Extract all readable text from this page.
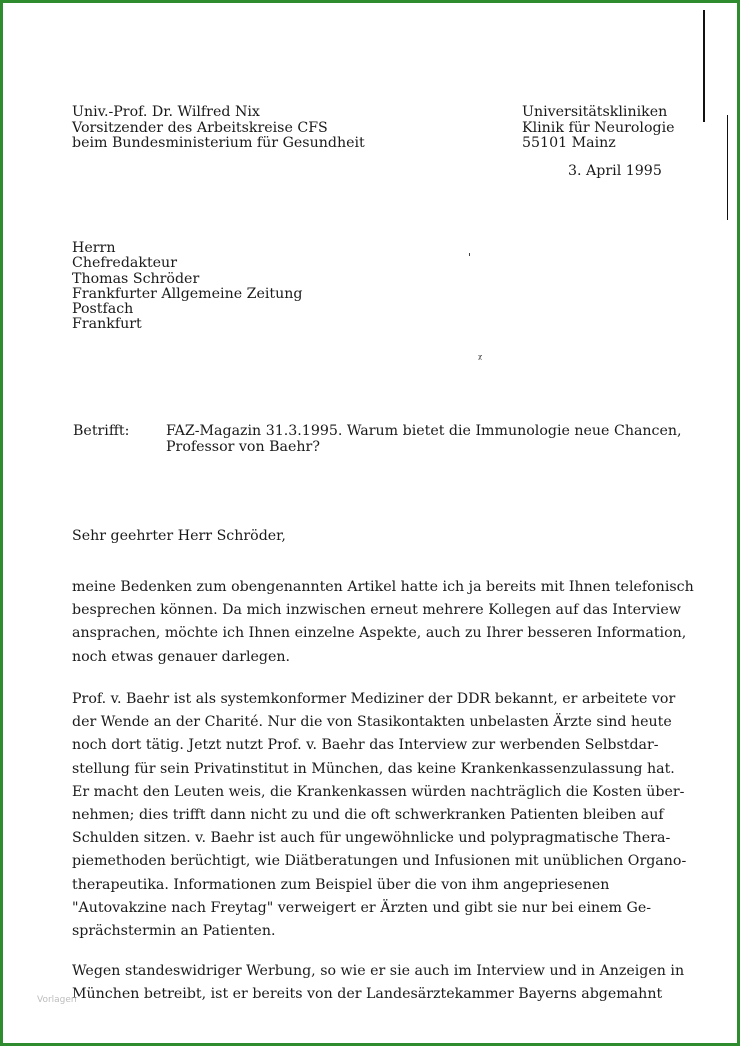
'
ᵡ
Univ.-Prof. Dr. Wilfred Nix
Vorsitzender des Arbeitskreise CFS
beim Bundesministerium für Gesundheit
Universitätskliniken
Klinik für Neurologie
55101 Mainz
3. April 1995
Herrn
Chefredakteur
Thomas Schröder
Frankfurter Allgemeine Zeitung
Postfach
Frankfurt
Betrifft:	FAZ-Magazin 31.3.1995. Warum bietet die Immunologie neue Chancen,
Professor von Baehr?
Sehr geehrter Herr Schröder,
meine Bedenken zum obengenannten Artikel hatte ich ja bereits mit Ihnen telefonisch
besprechen können. Da mich inzwischen erneut mehrere Kollegen auf das Interview
ansprachen, möchte ich Ihnen einzelne Aspekte, auch zu Ihrer besseren Information,
noch etwas genauer darlegen.
Prof. v. Baehr ist als systemkonformer Mediziner der DDR bekannt, er arbeitete vor
der Wende an der Charité. Nur die von Stasikontakten unbelasten Ärzte sind heute
noch dort tätig. Jetzt nutzt Prof. v. Baehr das Interview zur werbenden Selbstdar-
stellung für sein Privatinstitut in München, das keine Krankenkassenzulassung hat.
Er macht den Leuten weis, die Krankenkassen würden nachträglich die Kosten über-
nehmen; dies trifft dann nicht zu und die oft schwerkranken Patienten bleiben auf
Schulden sitzen. v. Baehr ist auch für ungewöhnlicke und polypragmatische Thera-
piemethoden berüchtigt, wie Diätberatungen und Infusionen mit unüblichen Organo-
therapeutika. Informationen zum Beispiel über die von ihm angepriesenen
"Autovakzine nach Freytag" verweigert er Ärzten und gibt sie nur bei einem Ge-
sprächstermin an Patienten.
Wegen standeswidriger Werbung, so wie er sie auch im Interview und in Anzeigen in
München betreibt, ist er bereits von der Landesärztekammer Bayerns abgemahnt
Vorlagen
